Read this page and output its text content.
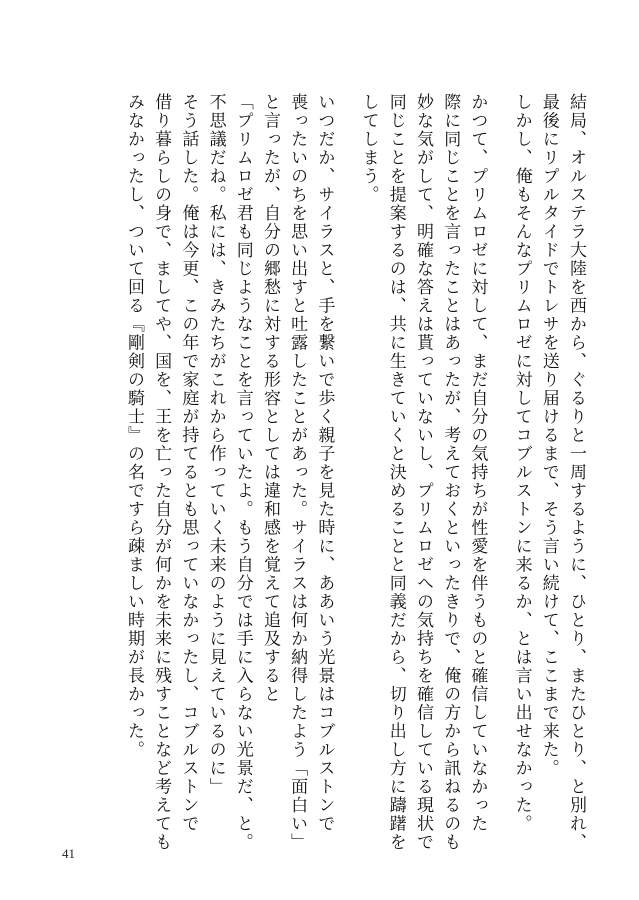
結局、オルステラ大陸を西から、ぐるりと一周するように、ひとり、またひとり、と別れ、
最後にリプルタイドでトレサを送り届けるまで、そう言い続けて、ここまで来た。
しかし、俺もそんなプリムロゼに対してコブルストンに来るか、とは言い出せなかった。
かつて、プリムロゼに対して、まだ自分の気持ちが性愛を伴うものと確信していなかった
際に同じことを言ったことはあったが、考えておくといったきりで、俺の方から訊ねるのも
妙な気がして、明確な答えは貰っていないし、プリムロゼへの気持ちを確信している現状で
同じことを提案するのは、共に生きていくと決めることと同義だから、切り出し方に躊躇を
してしまう。
いつだか、サイラスと、手を繋いで歩く親子を見た時に、ああいう光景はコブルストンで
喪ったいのちを思い出すと吐露したことがあった。サイラスは何か納得したよう「面白い」
と言ったが、自分の郷愁に対する形容としては違和感を覚えて追及すると
「プリムロゼ君も同じようなことを言っていたよ。もう自分では手に入らない光景だ、と。
不思議だね。私には、きみたちがこれから作っていく未来のように見えているのに」
そう話した。俺は今更、この年で家庭が持てるとも思っていなかったし、コブルストンで
借り暮らしの身で、ましてや、国を、王を亡った自分が何かを未来に残すことなど考えても
みなかったし、ついて回る『剛剣の騎士』の名ですら疎ましい時期が長かった。
41
